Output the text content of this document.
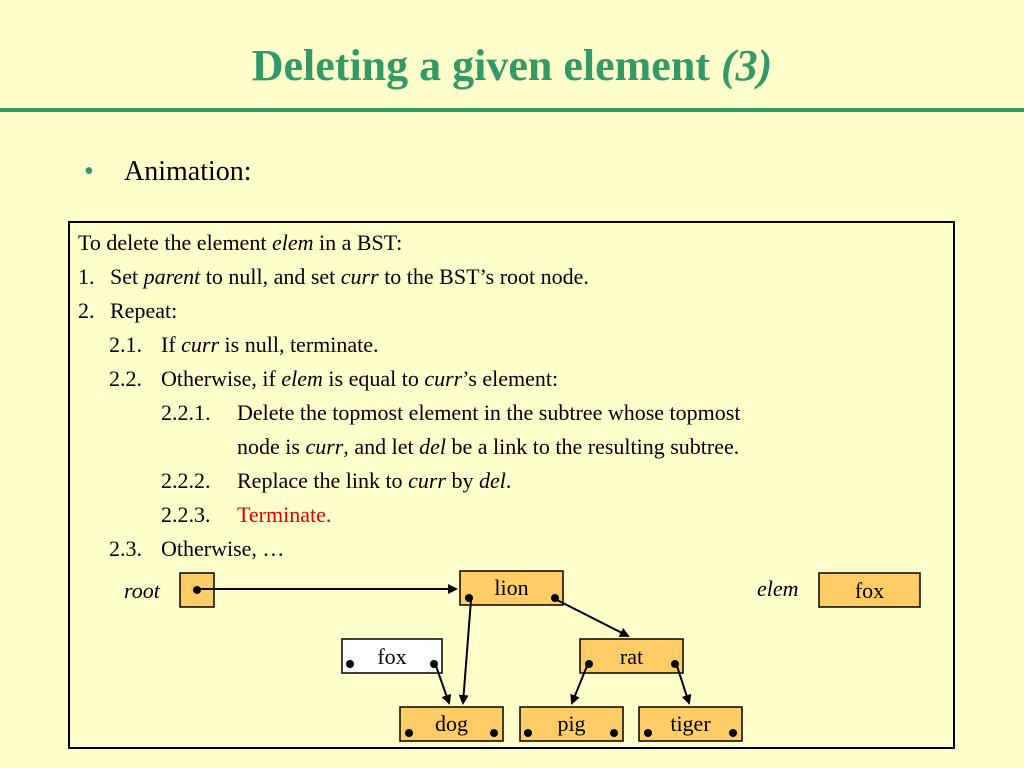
Deleting a given element (3)
• Animation:
To delete the element elem in a BST:
1. Set parent to null, and set curr to the BST’s root node.
2. Repeat:
2.1. If curr is null, terminate.
2.2. Otherwise, if elem is equal to curr’s element:
2.2.1. Delete the topmost element in the subtree whose topmost
node is curr, and let del be a link to the resulting subtree.
2.2.2. Replace the link to curr by del.
2.2.3. Terminate.
2.3. Otherwise, …
root	elem	fox
lion
fox	rat
dog	pig	tiger
